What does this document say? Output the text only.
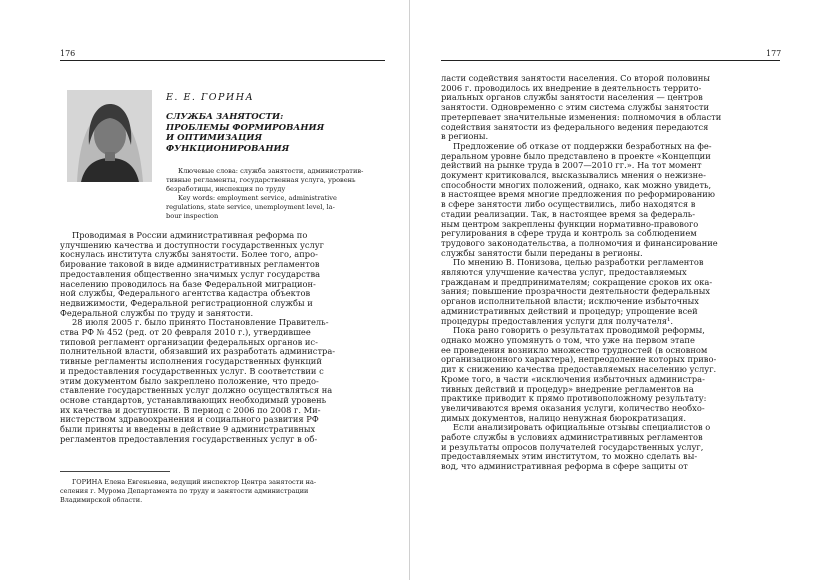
176
Е. Е. ГОРИНА
СЛУЖБА ЗАНЯТОСТИ:
ПРОБЛЕМЫ ФОРМИРОВАНИЯ
И ОПТИМИЗАЦИЯ
ФУНКЦИОНИРОВАНИЯ
Ключевые слова: служба занятости, административ-
тивные регламенты, государственная услуга, уровень
безработицы, инспекция по труду
Key words: employment service, administrative
regulations, state service, unemployment level, la-
bour inspection
Проводимая в России административная реформа по
улучшению качества и доступности государственных услуг
коснулась института службы занятости. Более того, апро-
бирование таковой в виде административных регламентов
предоставления общественно значимых услуг государства
населению проводилось на базе Федеральной миграцион-
ной службы, Федерального агентства кадастра объектов
недвижимости, Федеральной регистрационной службы и
Федеральной службы по труду и занятости.
28 июля 2005 г. было принято Постановление Правитель-
ства РФ № 452 (ред. от 20 февраля 2010 г.), утвердившее
типовой регламент организации федеральных органов ис-
полнительной власти, обязавший их разработать администра-
тивные регламенты исполнения государственных функций
и предоставления государственных услуг. В соответствии с
этим документом было закреплено положение, что предо-
ставление государственных услуг должно осуществляться на
основе стандартов, устанавливающих необходимый уровень
их качества и доступности. В период с 2006 по 2008 г. Ми-
нистерством здравоохранения и социального развития РФ
были приняты и введены в действие 9 административных
регламентов предоставления государственных услуг в об-
ГОРИНА Елена Евгеньевна, ведущий инспектор Центра занятости на-
селения г. Мурома Департамента по труду и занятости администрации
Владимирской области.
177
ласти содействия занятости населения. Со второй половины
2006 г. проводилось их внедрение в деятельность террито-
риальных органов службы занятости населения — центров
занятости. Одновременно с этим система службы занятости
претерпевает значительные изменения: полномочия в области
содействия занятости из федерального ведения передаются
в регионы.
Предложение об отказе от поддержки безработных на фе-
деральном уровне было представлено в проекте «Концепции
действий на рынке труда в 2007—2010 гг.». На тот момент
документ критиковался, высказывались мнения о нежизне-
способности многих положений, однако, как можно увидеть,
в настоящее время многие предложения по реформированию
в сфере занятости либо осуществились, либо находятся в
стадии реализации. Так, в настоящее время за федераль-
ным центром закреплены функции нормативно-правового
регулирования в сфере труда и контроль за соблюдением
трудового законодательства, а полномочия и финансирование
службы занятости были переданы в регионы.
По мнению В. Понизова, целью разработки регламентов
являются улучшение качества услуг, предоставляемых
гражданам и предпринимателям; сокращение сроков их ока-
зания; повышение прозрачности деятельности федеральных
органов исполнительной власти; исключение избыточных
административных действий и процедур; упрощение всей
процедуры предоставления услуги для получателя¹.
Пока рано говорить о результатах проводимой реформы,
однако можно упомянуть о том, что уже на первом этапе
ее проведения возникло множество трудностей (в основном
организационного характера), непреодоление которых приво-
дит к снижению качества предоставляемых населению услуг.
Кроме того, в части «исключения избыточных администра-
тивных действий и процедур» внедрение регламентов на
практике приводит к прямо противоположному результату:
увеличиваются время оказания услуги, количество необхо-
димых документов, налицо ненужная бюрократизация.
Если анализировать официальные отзывы специалистов о
работе службы в условиях административных регламентов
и результаты опросов получателей государственных услуг,
предоставляемых этим институтом, то можно сделать вы-
вод, что административная реформа в сфере защиты от
